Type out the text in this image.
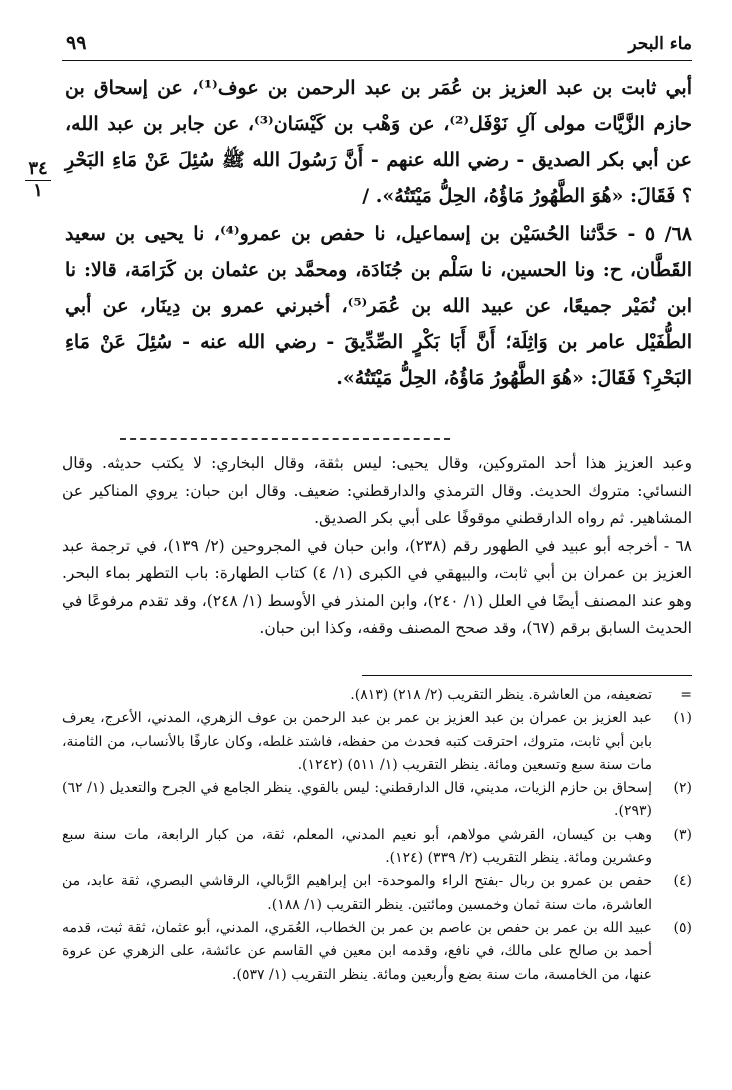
ماء البحر
٩٩
٣٤
١

أبي ثابت بن عبد العزيز بن عُمَر بن عبد الرحمن بن عوف⁽¹⁾، عن إسحاق بن حازم الزَّيَّات مولى آلِ نَوْفَل⁽²⁾، عن وَهْب بن كَيْسَان⁽³⁾، عن جابر بن عبد الله، عن أبي بكر الصديق - رضي الله عنهم - أَنَّ رَسُولَ الله ﷺ سُئِلَ عَنْ مَاءِ البَحْرِ ؟ فَقَالَ: «هُوَ الطَّهُورُ مَاؤُهُ، الحِلُّ مَيْتَتُهُ». /

٦٨/ ٥ - حَدَّثنا الحُسَيْن بن إسماعيل، نا حفص بن عمرو⁽⁴⁾، نا يحيى بن سعيد القَطَّان، ح: ونا الحسين، نا سَلْم بن جُنَادَة، ومحمَّد بن عثمان بن كَرَامَة، قالا: نا ابن نُمَيْر جميعًا، عن عبيد الله بن عُمَر⁽⁵⁾، أخبرني عمرو بن دِينَار، عن أبي الطُّفَيْل عامر بن وَاثِلَة؛ أَنَّ أَبَا بَكْرٍ الصِّدِّيقَ - رضي الله عنه - سُئِلَ عَنْ مَاءِ البَحْرِ؟ فَقَالَ: «هُوَ الطَّهُورُ مَاؤُهُ، الحِلُّ مَيْتَتُهُ».

وعبد العزيز هذا أحد المتروكين، وقال يحيى: ليس بثقة، وقال البخاري: لا يكتب حديثه. وقال النسائي: متروك الحديث. وقال الترمذي والدارقطني: ضعيف. وقال ابن حبان: يروي المناكير عن المشاهير. ثم رواه الدارقطني موقوفًا على أبي بكر الصديق.

٦٨ - أخرجه أبو عبيد في الطهور رقم (٢٣٨)، وابن حبان في المجروحين (٢/ ١٣٩)، في ترجمة عبد العزيز بن عمران بن أبي ثابت، والبيهقي في الكبرى (١/ ٤) كتاب الطهارة: باب التطهر بماء البحر. وهو عند المصنف أيضًا في العلل (١/ ٢٤٠)، وابن المنذر في الأوسط (١/ ٢٤٨)، وقد تقدم مرفوعًا في الحديث السابق برقم (٦٧)، وقد صحح المصنف وقفه، وكذا ابن حبان.

=
تضعيفه، من العاشرة. ينظر التقريب (٢/ ٢١٨) (٨١٣).
(١)
عبد العزيز بن عمران بن عبد العزيز بن عمر بن عبد الرحمن بن عوف الزهري، المدني، الأعرج، يعرف بابن أبي ثابت، متروك، احترقت كتبه فحدث من حفظه، فاشتد غلطه، وكان عارفًا بالأنساب، من الثامنة، مات سنة سبع وتسعين ومائة. ينظر التقريب (١/ ٥١١) (١٢٤٢).
(٢)
إسحاق بن حازم الزيات، مديني، قال الدارقطني: ليس بالقوي. ينظر الجامع في الجرح والتعديل (١/ ٦٢) (٢٩٣).
(٣)
وهب بن كيسان، القرشي مولاهم، أبو نعيم المدني، المعلم، ثقة، من كبار الرابعة، مات سنة سبع وعشرين ومائة. ينظر التقريب (٢/ ٣٣٩) (١٢٤).
(٤)
حفص بن عمرو بن ربال -بفتح الراء والموحدة- ابن إبراهيم الرَّبالي، الرقاشي البصري، ثقة عابد، من العاشرة، مات سنة ثمان وخمسين ومائتين. ينظر التقريب (١/ ١٨٨).
(٥)
عبيد الله بن عمر بن حفص بن عاصم بن عمر بن الخطاب، العُمَري، المدني، أبو عثمان، ثقة ثبت، قدمه أحمد بن صالح على مالك، في نافع، وقدمه ابن معين في القاسم عن عائشة، على الزهري عن عروة عنها، من الخامسة، مات سنة بضع وأربعين ومائة. ينظر التقريب (١/ ٥٣٧).
